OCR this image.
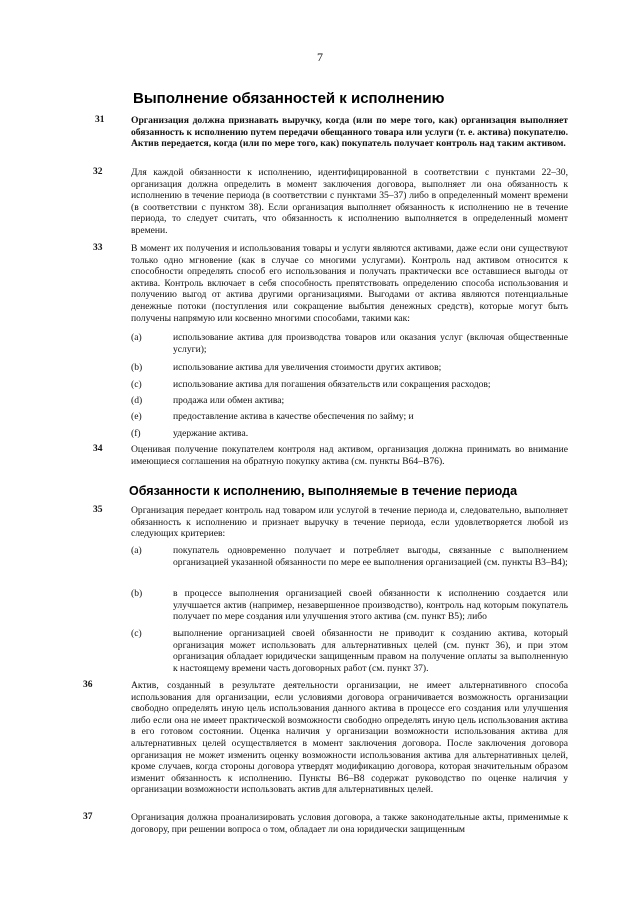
7
Выполнение обязанностей к исполнению
31	Организация должна признавать выручку, когда (или по мере того, как) организация выполняет обязанность к исполнению путем передачи обещанного товара или услуги (т. е. актива) покупателю. Актив передается, когда (или по мере того, как) покупатель получает контроль над таким активом.
32	Для каждой обязанности к исполнению, идентифицированной в соответствии с пунктами 22–30, организация должна определить в момент заключения договора, выполняет ли она обязанность к исполнению в течение периода (в соответствии с пунктами 35–37) либо в определенный момент времени (в соответствии с пунктом 38). Если организация выполняет обязанность к исполнению не в течение периода, то следует считать, что обязанность к исполнению выполняется в определенный момент времени.
33	В момент их получения и использования товары и услуги являются активами, даже если они существуют только одно мгновение (как в случае со многими услугами). Контроль над активом относится к способности определять способ его использования и получать практически все оставшиеся выгоды от актива. Контроль включает в себя способность препятствовать определению способа использования и получению выгод от актива другими организациями. Выгодами от актива являются потенциальные денежные потоки (поступления или сокращение выбытия денежных средств), которые могут быть получены напрямую или косвенно многими способами, такими как:
(a)	использование актива для производства товаров или оказания услуг (включая общественные услуги);
(b)	использование актива для увеличения стоимости других активов;
(c)	использование актива для погашения обязательств или сокращения расходов;
(d)	продажа или обмен актива;
(e)	предоставление актива в качестве обеспечения по займу; и
(f)	удержание актива.
34	Оценивая получение покупателем контроля над активом, организация должна принимать во внимание имеющиеся соглашения на обратную покупку актива (см. пункты B64–B76).
Обязанности к исполнению, выполняемые в течение периода
35	Организация передает контроль над товаром или услугой в течение периода и, следовательно, выполняет обязанность к исполнению и признает выручку в течение периода, если удовлетворяется любой из следующих критериев:
(a)	покупатель одновременно получает и потребляет выгоды, связанные с выполнением организацией указанной обязанности по мере ее выполнения организацией (см. пункты B3–B4);
(b)	в процессе выполнения организацией своей обязанности к исполнению создается или улучшается актив (например, незавершенное производство), контроль над которым покупатель получает по мере создания или улучшения этого актива (см. пункт B5); либо
(c)	выполнение организацией своей обязанности не приводит к созданию актива, который организация может использовать для альтернативных целей (см. пункт 36), и при этом организация обладает юридически защищенным правом на получение оплаты за выполненную к настоящему времени часть договорных работ (см. пункт 37).
36	Актив, созданный в результате деятельности организации, не имеет альтернативного способа использования для организации, если условиями договора ограничивается возможность организации свободно определять иную цель использования данного актива в процессе его создания или улучшения либо если она не имеет практической возможности свободно определять иную цель использования актива в его готовом состоянии. Оценка наличия у организации возможности использования актива для альтернативных целей осуществляется в момент заключения договора. После заключения договора организация не может изменить оценку возможности использования актива для альтернативных целей, кроме случаев, когда стороны договора утвердят модификацию договора, которая значительным образом изменит обязанность к исполнению. Пункты B6–B8 содержат руководство по оценке наличия у организации возможности использовать актив для альтернативных целей.
37	Организация должна проанализировать условия договора, а также законодательные акты, применимые к договору, при решении вопроса о том, обладает ли она юридически защищенным
